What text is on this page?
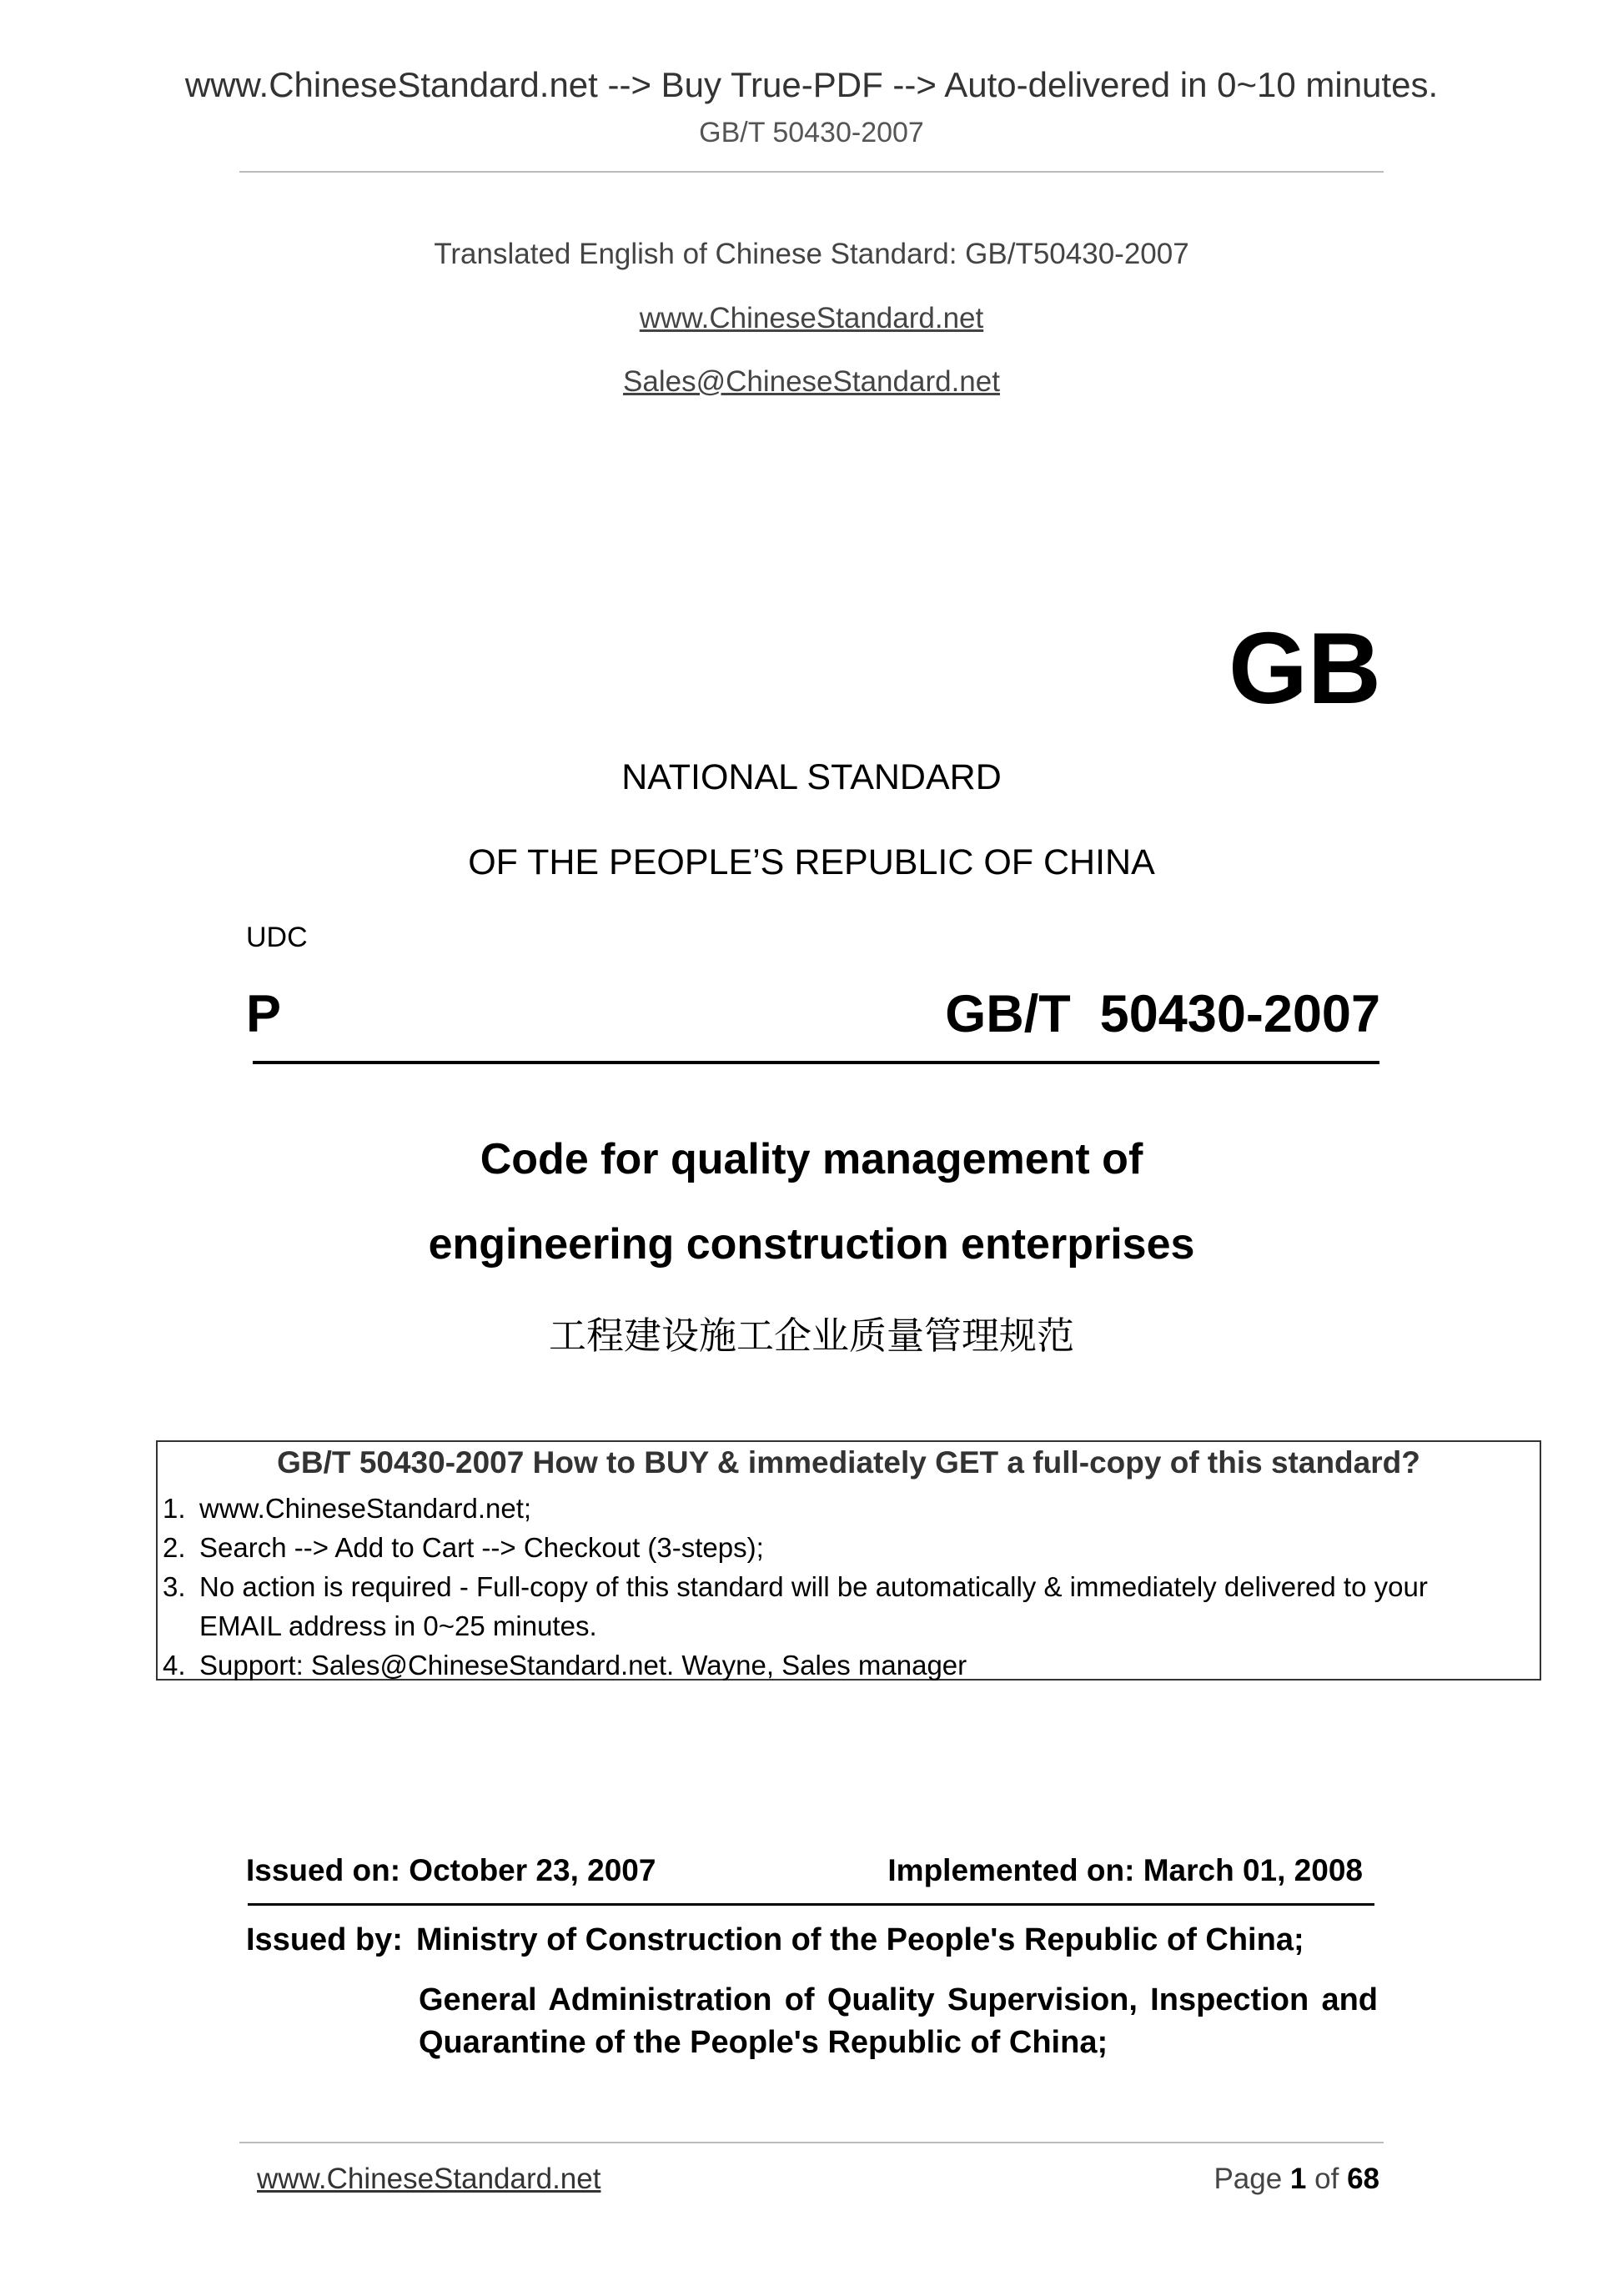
www.ChineseStandard.net --> Buy True-PDF --> Auto-delivered in 0~10 minutes.
GB/T 50430-2007
Translated English of Chinese Standard: GB/T50430-2007
www.ChineseStandard.net
Sales@ChineseStandard.net
GB
NATIONAL STANDARD
OF THE PEOPLE’S REPUBLIC OF CHINA
UDC
P	GB/T  50430-2007
Code for quality management of
engineering construction enterprises
工程建设施工企业质量管理规范
GB/T 50430-2007 How to BUY & immediately GET a full-copy of this standard?
1. www.ChineseStandard.net;
2. Search --> Add to Cart --> Checkout (3-steps);
3. No action is required - Full-copy of this standard will be automatically & immediately delivered to your EMAIL address in 0~25 minutes.
4. Support: Sales@ChineseStandard.net. Wayne, Sales manager
Issued on: October 23, 2007	Implemented on: March 01, 2008
Issued by: Ministry of Construction of the People's Republic of China;
General Administration of Quality Supervision, Inspection and Quarantine of the People's Republic of China;
www.ChineseStandard.net	Page 1 of 68
